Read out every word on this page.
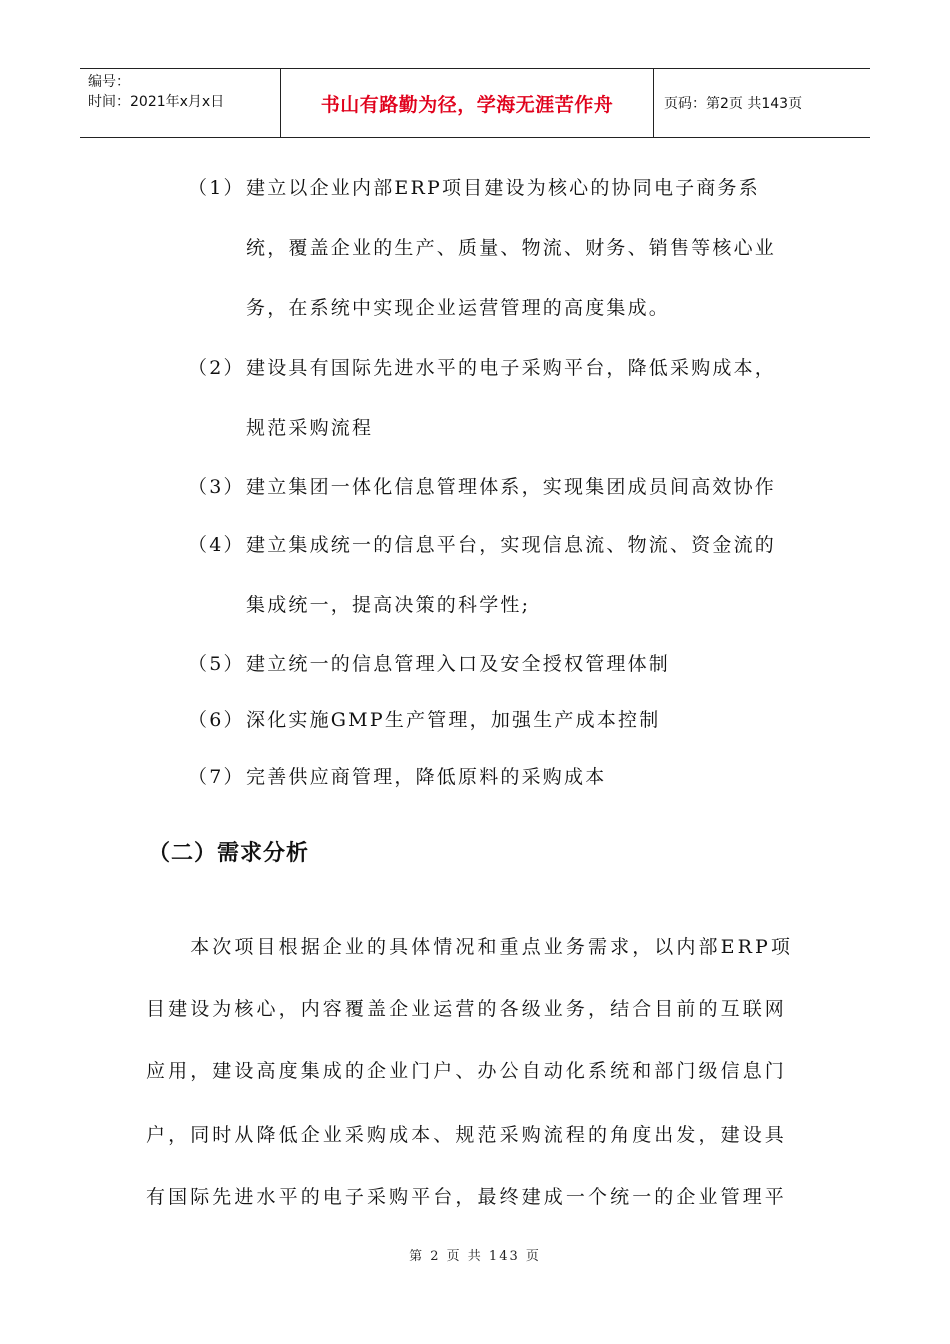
编号：
时间：2021年x月x日	书山有路勤为径，学海无涯苦作舟	页码：第2页 共143页
（1） 建立以企业内部ERP项目建设为核心的协同电子商务系
统，覆盖企业的生产、质量、物流、财务、销售等核心业
务，在系统中实现企业运营管理的高度集成。
（2） 建设具有国际先进水平的电子采购平台，降低采购成本，
规范采购流程
（3） 建立集团一体化信息管理体系，实现集团成员间高效协作
（4） 建立集成统一的信息平台，实现信息流、物流、资金流的
集成统一，提高决策的科学性;
（5） 建立统一的信息管理入口及安全授权管理体制
（6） 深化实施GMP生产管理，加强生产成本控制
（7） 完善供应商管理，降低原料的采购成本
（二）需求分析
　　本次项目根据企业的具体情况和重点业务需求，以内部ERP项
目建设为核心，内容覆盖企业运营的各级业务，结合目前的互联网
应用，建设高度集成的企业门户、办公自动化系统和部门级信息门
户，同时从降低企业采购成本、规范采购流程的角度出发，建设具
有国际先进水平的电子采购平台，最终建成一个统一的企业管理平
第 2 页 共 143 页
